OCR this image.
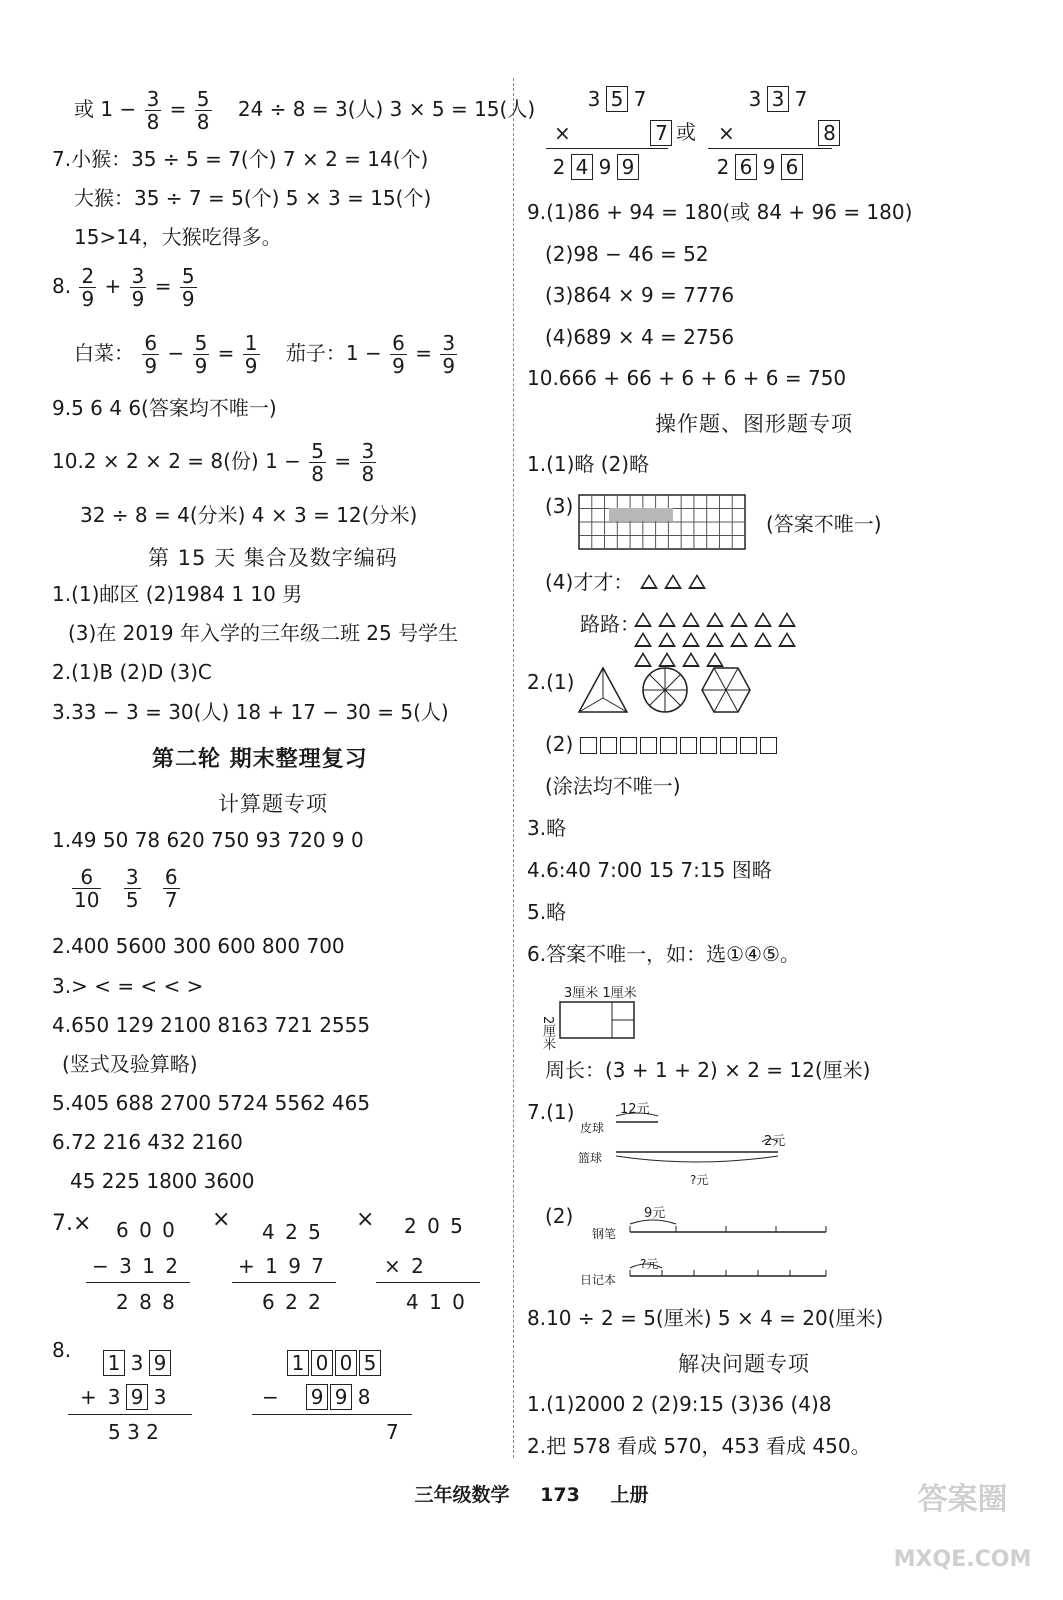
或 $1 - \frac{3}{8} = \frac{5}{8} 24 \div 8 = 3$(人) 3 × 5 = 15(人)
7.小猴：35 ÷ 5 = 7(个) 7 × 2 = 14(个)
大猴：35 ÷ 7 = 5(个) 5 × 3 = 15(个)
15>14，大猴吃得多。
8. $\frac{2}{9} + \frac{3}{9} = \frac{5}{9}$
白菜： $\frac{6}{9} - \frac{5}{9} = \frac{1}{9}$ 茄子：$1 - \frac{6}{9} = \frac{3}{9}$
9.5 6 4 6(答案均不唯一)
10.2 × 2 × 2 = 8(份) $1 - \frac{5}{8} = \frac{3}{8}$
32 ÷ 8 = 4(分米) 4 × 3 = 12(分米)
第 15 天 集合及数字编码
1.(1)邮区 (2)1984 1 10 男
(3)在 2019 年入学的三年级二班 25 号学生
2.(1)B (2)D (3)C
3.33 − 3 = 30(人) 18 + 17 − 30 = 5(人)
第二轮 期末整理复习
计算题专项
1.49 50 78 620 750 93 720 9 0
$\frac{6}{10}$
$\frac{3}{5}$
$\frac{6}{7}$
2.400 5600 300 600 800 700
3.> < = < < >
4.650 129 2100 8163 721 2555
(竖式及验算略)
5.405 688 2700 5724 5562 465
6.72 216 432 2160
45 225 1800 3600
7.× 6 0 0
− 3 1 2
2 8 8
× 4 2 5
+ 1 9 7
6 2 2
× 2 0 5
× 2
4 1 0
8.
1 3 9
+ 3 9 3
5 3 2
1 0 0 5
− 9 9 8
7
3 5 7
×	7
2 4 9 9
或
3 3 7
×	8
2 6 9 6
9.(1)86 + 94 = 180(或 84 + 96 = 180)
(2)98 − 46 = 52
(3)864 × 9 = 7776
(4)689 × 4 = 2756
10.666 + 66 + 6 + 6 + 6 = 750
操作题、图形题专项
1.(1)略 (2)略
(3)
(答案不唯一)
(4)才才：
路路：
2.(1)
(2)
(涂法均不唯一)
3.略
4.6:40 7:00 15 7:15 图略
5.略
6.答案不唯一，如：选①④⑤。
3厘米 1厘米
2厘米
周长：(3 + 1 + 2) × 2 = 12(厘米)
7.(1)	12元
皮球
2元
篮球
?元
(2)	9元
钢笔
?元
日记本
8.10 ÷ 2 = 5(厘米) 5 × 4 = 20(厘米)
解决问题专项
1.(1)2000 2 (2)9:15 (3)36 (4)8
2.把 578 看成 570，453 看成 450。
三年级数学 173 上册	答案圈
MXQE.COM
